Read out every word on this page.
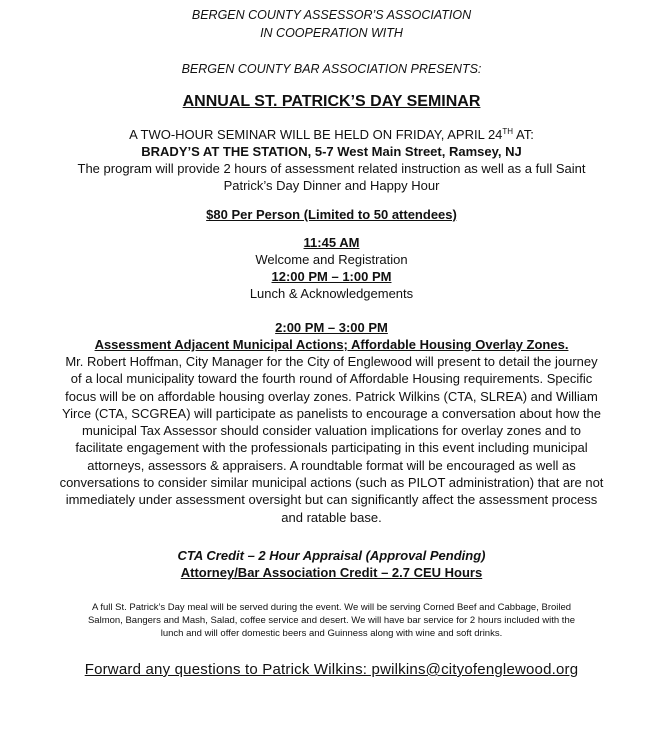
BERGEN COUNTY ASSESSOR’S ASSOCIATION
IN COOPERATION WITH
BERGEN COUNTY BAR ASSOCIATION PRESENTS:
ANNUAL ST. PATRICK’S DAY SEMINAR
A TWO-HOUR SEMINAR WILL BE HELD ON FRIDAY, APRIL 24TH AT:
BRADY’S AT THE STATION, 5-7 West Main Street, Ramsey, NJ
The program will provide 2 hours of assessment related instruction as well as a full Saint
Patrick’s Day Dinner and Happy Hour
$80 Per Person (Limited to 50 attendees)
11:45 AM
Welcome and Registration
12:00 PM – 1:00 PM
Lunch & Acknowledgements
2:00 PM – 3:00 PM
Assessment Adjacent Municipal Actions; Affordable Housing Overlay Zones.
Mr. Robert Hoffman, City Manager for the City of Englewood will present to detail the journey
of a local municipality toward the fourth round of Affordable Housing requirements. Specific
focus will be on affordable housing overlay zones. Patrick Wilkins (CTA, SLREA) and William
Yirce (CTA, SCGREA) will participate as panelists to encourage a conversation about how the
municipal Tax Assessor should consider valuation implications for overlay zones and to
facilitate engagement with the professionals participating in this event including municipal
attorneys, assessors & appraisers. A roundtable format will be encouraged as well as
conversations to consider similar municipal actions (such as PILOT administration) that are not
immediately under assessment oversight but can significantly affect the assessment process
and ratable base.
CTA Credit – 2 Hour Appraisal (Approval Pending)
Attorney/Bar Association Credit – 2.7 CEU Hours
A full St. Patrick’s Day meal will be served during the event. We will be serving Corned Beef and Cabbage, Broiled
Salmon, Bangers and Mash, Salad, coffee service and desert. We will have bar service for 2 hours included with the
lunch and will offer domestic beers and Guinness along with wine and soft drinks.
Forward any questions to Patrick Wilkins: pwilkins@cityofenglewood.org
